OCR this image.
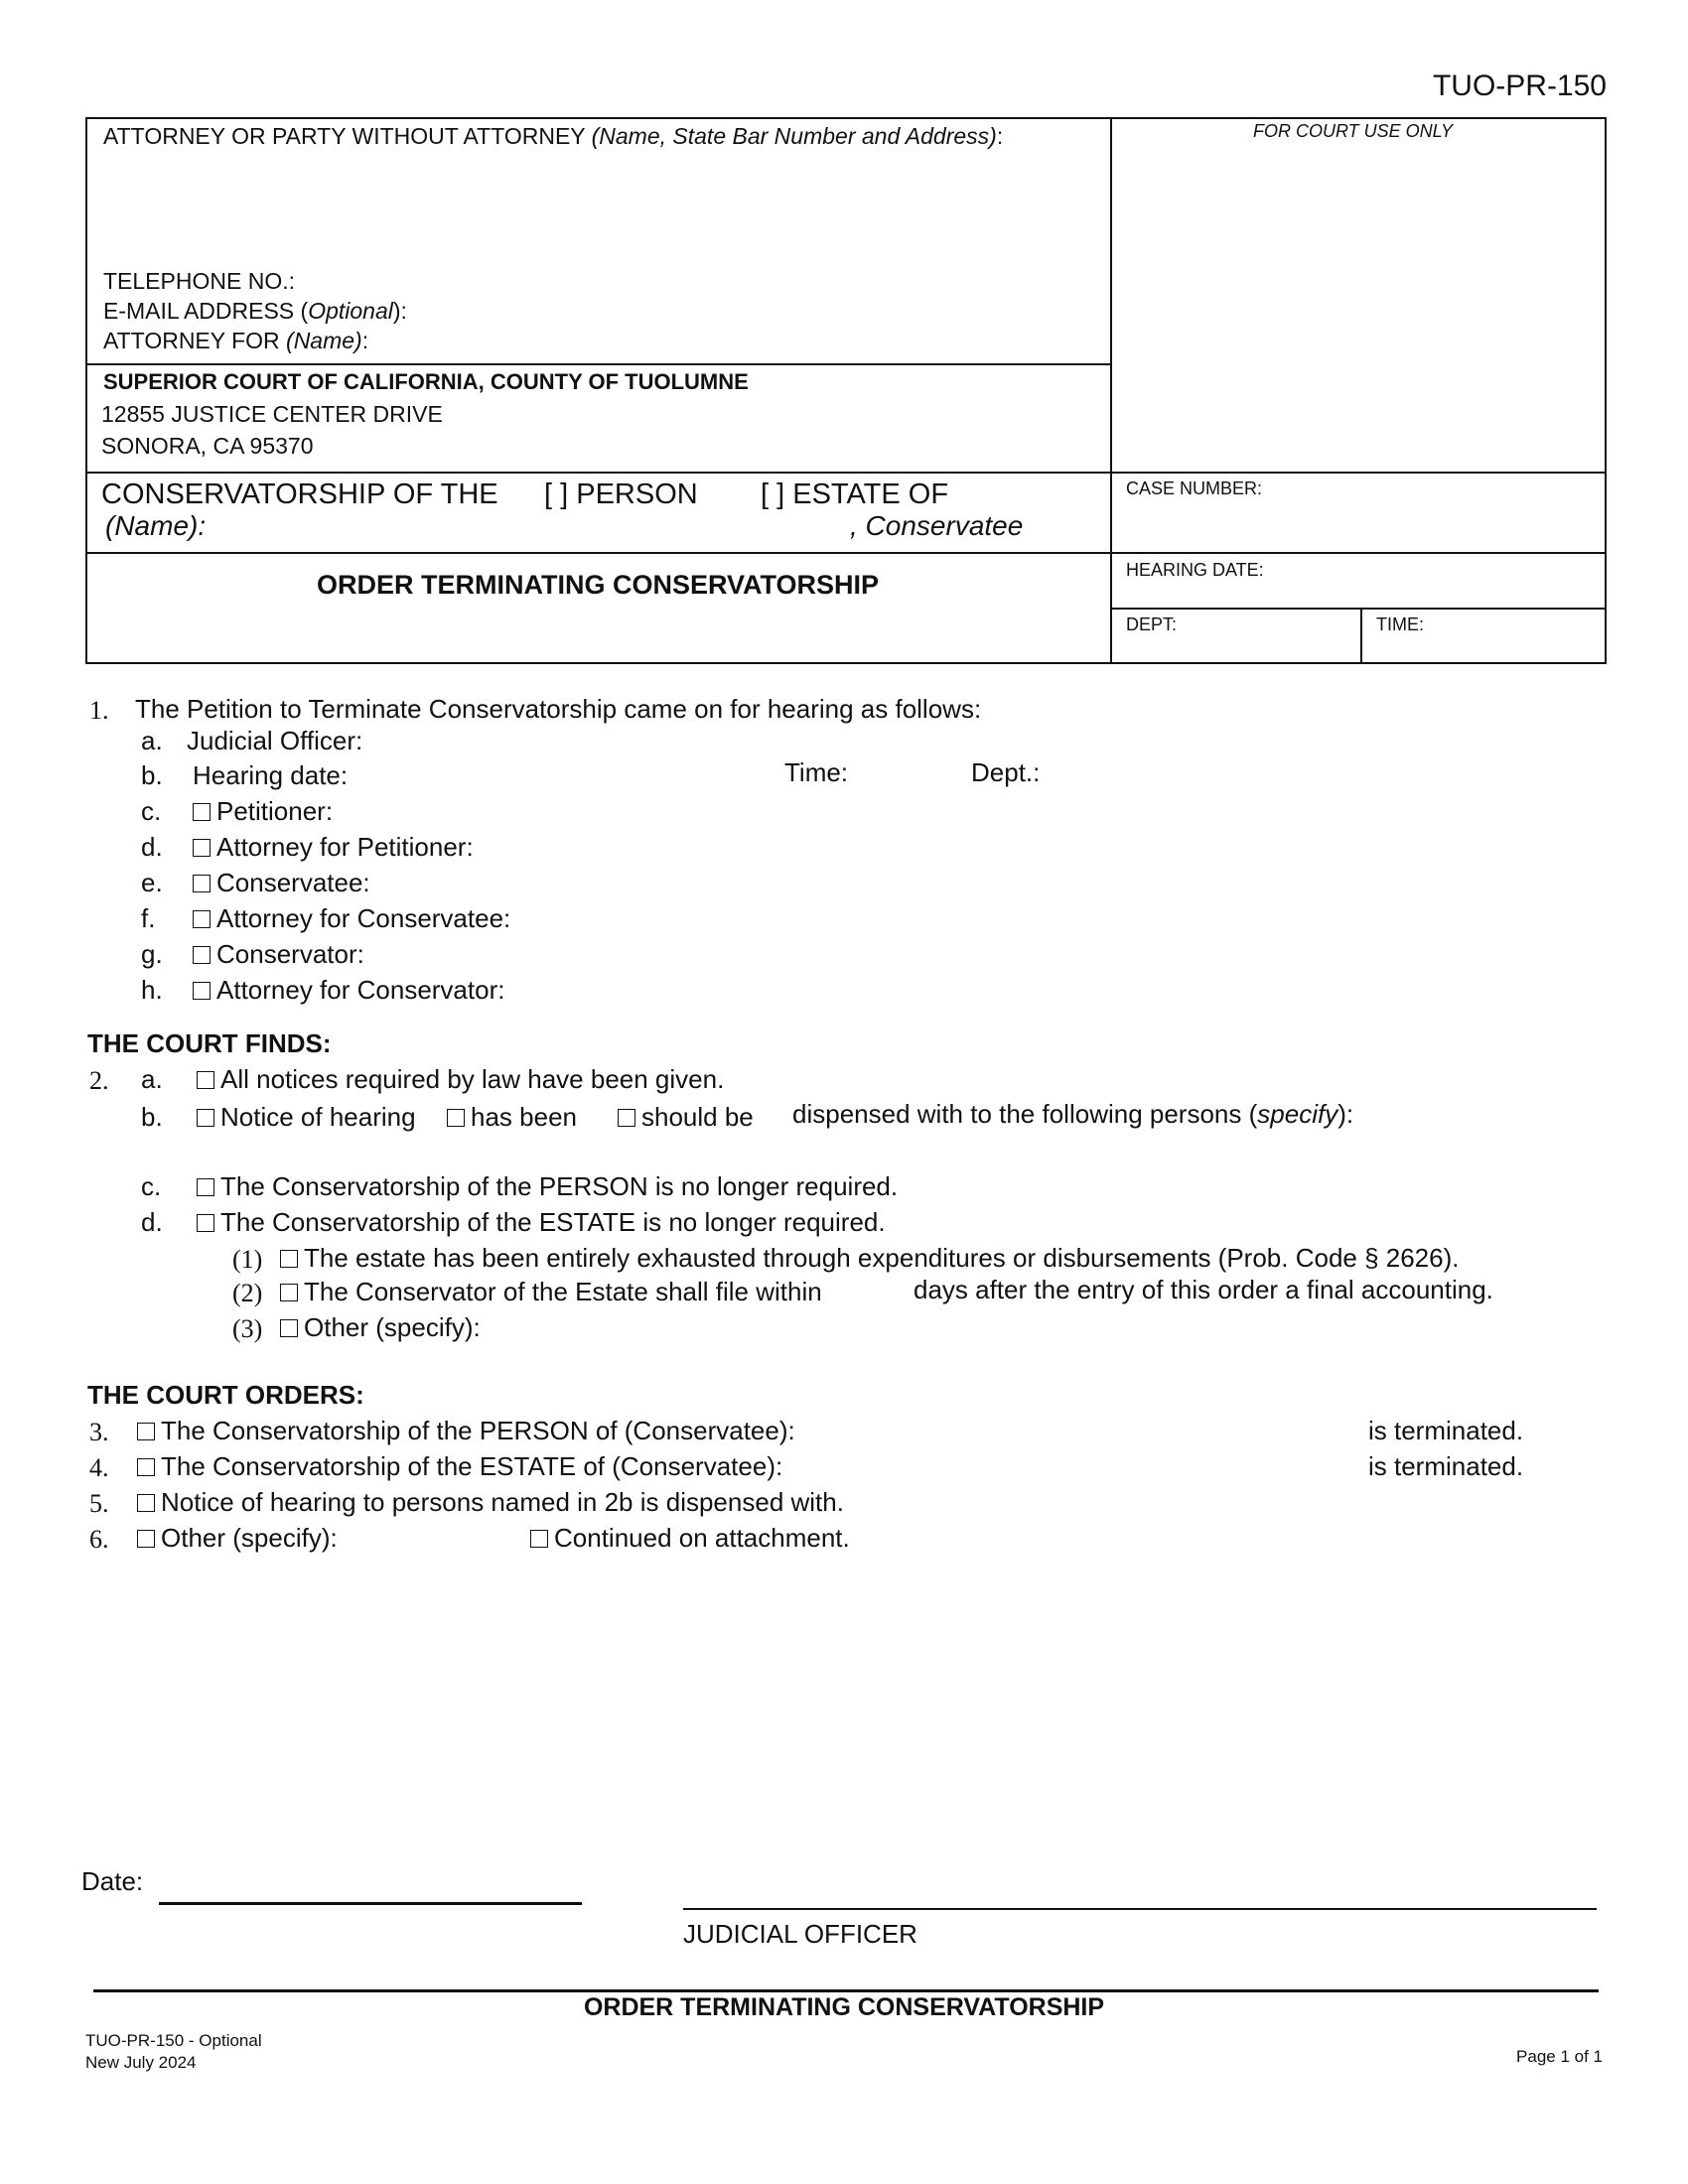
TUO-PR-150
ATTORNEY OR PARTY WITHOUT ATTORNEY (Name, State Bar Number and Address):	FOR COURT USE ONLY
TELEPHONE NO.:
E-MAIL ADDRESS (Optional):
ATTORNEY FOR (Name):
SUPERIOR COURT OF CALIFORNIA, COUNTY OF TUOLUMNE
12855 JUSTICE CENTER DRIVE
SONORA, CA 95370
CONSERVATORSHIP OF THE [ ] PERSON [ ] ESTATE OF
(Name):	, Conservatee
CASE NUMBER:
ORDER TERMINATING CONSERVATORSHIP	HEARING DATE:
DEPT:	TIME:
1. The Petition to Terminate Conservatorship came on for hearing as follows:
a. Judicial Officer:
b. Hearing date:	Time:	Dept.:
c.	Petitioner:
d.	Attorney for Petitioner:
e.	Conservatee:
f.	Attorney for Conservatee:
g.	Conservator:
h.	Attorney for Conservator:
THE COURT FINDS:
2. a.	All notices required by law have been given.
b.	Notice of hearing	has been	should be dispensed with to the following persons (specify):
c.	The Conservatorship of the PERSON is no longer required.
d.	The Conservatorship of the ESTATE is no longer required.
(1)	The estate has been entirely exhausted through expenditures or disbursements (Prob. Code § 2626).
(2)	The Conservator of the Estate shall file within	days after the entry of this order a final accounting.
(3)	Other (specify):
THE COURT ORDERS:
3.	The Conservatorship of the PERSON of (Conservatee):	is terminated.
4.	The Conservatorship of the ESTATE of (Conservatee):	is terminated.
5.	Notice of hearing to persons named in 2b is dispensed with.
6.	Other (specify):	Continued on attachment.
Date:
JUDICIAL OFFICER
ORDER TERMINATING CONSERVATORSHIP
TUO-PR-150 - Optional
New July 2024	Page 1 of 1
